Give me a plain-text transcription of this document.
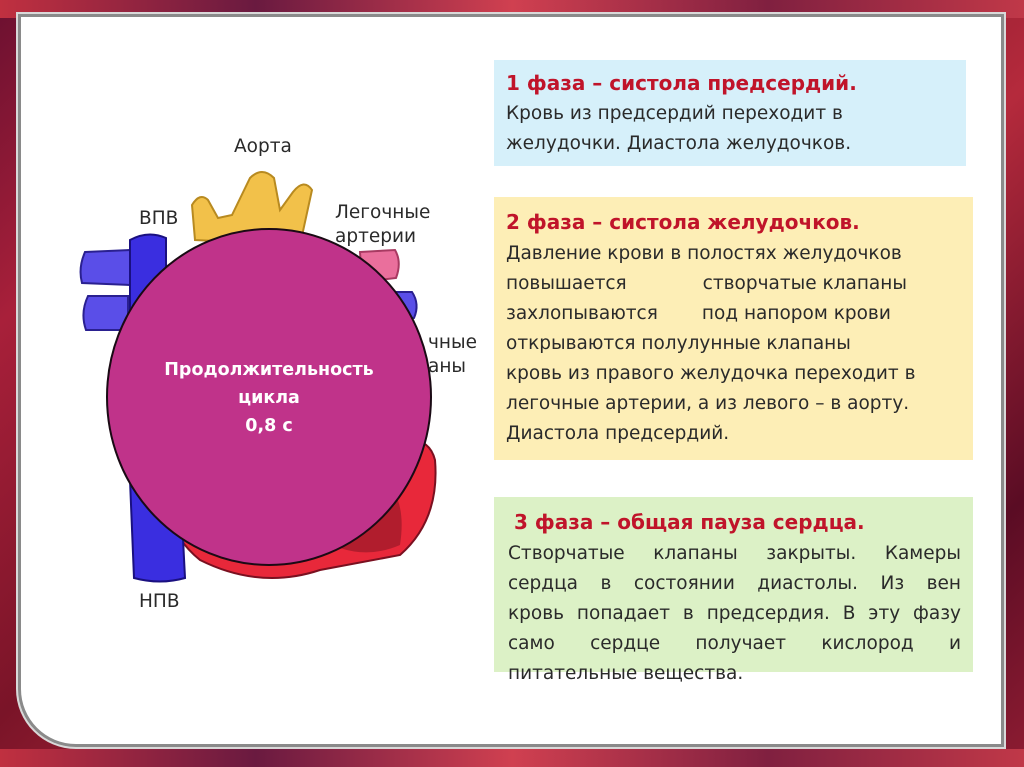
Аорта
Легочные
артерии
ВПВ
НПВ
чные
аны
Продолжительность
цикла
0,8 с
1 фаза – систола предсердий.
Кровь из предсердий переходит в
желудочки. Диастола желудочков.
2 фаза – систола желудочков.
Давление крови в полостях желудочков
повышается	створчатые клапаны
захлопываются под напором крови
открываются полулунные клапаны
кровь из правого желудочка переходит в
легочные артерии, а из левого – в аорту.
Диастола предсердий.
3 фаза – общая пауза сердца.
Створчатые клапаны закрыты. Камеры
сердца в состоянии диастолы. Из вен
кровь попадает в предсердия. В эту фазу
само сердце получает кислород и
питательные вещества.
